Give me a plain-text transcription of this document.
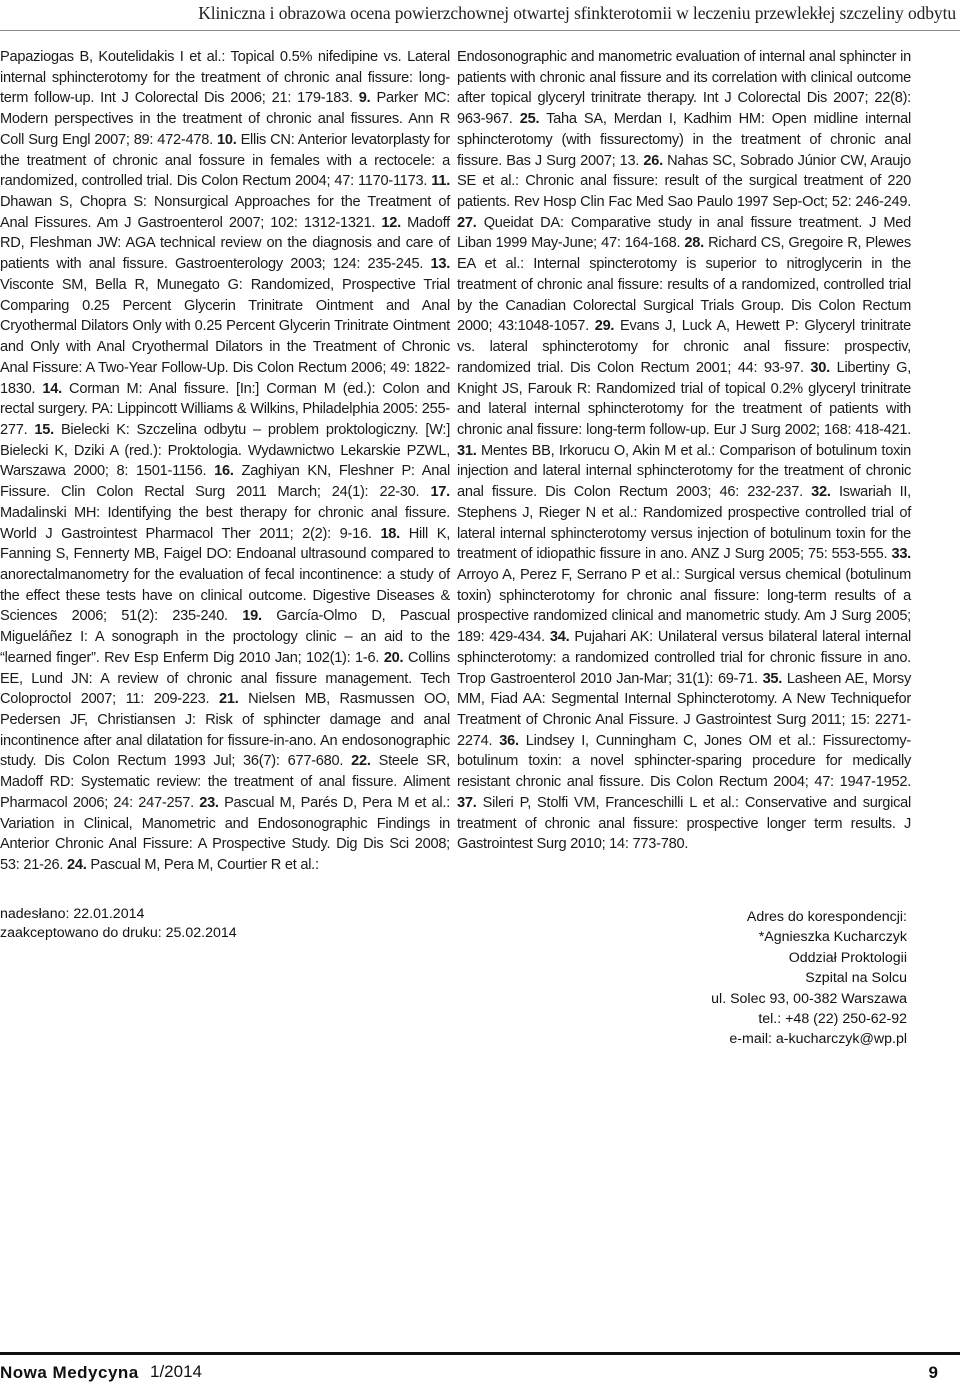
Kliniczna i obrazowa ocena powierzchownej otwartej sfinkterotomii w leczeniu przewlekłej szczeliny odbytu

Papaziogas B, Koutelidakis I et al.: Topical 0.5% nifedipine vs. Lateral internal sphincterotomy for the treatment of chronic anal fissure: long-term follow-up. Int J Colorectal Dis 2006; 21: 179-183. 9. Parker MC: Modern perspectives in the treatment of chronic anal fissures. Ann R Coll Surg Engl 2007; 89: 472-478. 10. Ellis CN: Anterior levatorplasty for the treatment of chronic anal fossure in females with a rectocele: a randomized, controlled trial. Dis Colon Rectum 2004; 47: 1170-1173. 11. Dhawan S, Chopra S: Nonsurgical Approaches for the Treatment of Anal Fissures. Am J Gastroenterol 2007; 102: 1312-1321. 12. Madoff RD, Fleshman JW: AGA technical review on the diagnosis and care of patients with anal fissure. Gastroenterology 2003; 124: 235-245. 13. Visconte SM, Bella R, Munegato G: Randomized, Prospective Trial Comparing 0.25 Percent Glycerin Trinitrate Ointment and Anal Cryothermal Dilators Only with 0.25 Percent Glycerin Trinitrate Ointment and Only with Anal Cryothermal Dilators in the Treatment of Chronic Anal Fissure: A Two-Year Follow-Up. Dis Colon Rectum 2006; 49: 1822-1830. 14. Corman M: Anal fissure. [In:] Corman M (ed.): Colon and rectal surgery. PA: Lippincott Williams & Wilkins, Philadelphia 2005: 255-277. 15. Bielecki K: Szczelina odbytu – problem proktologiczny. [W:] Bielecki K, Dziki A (red.): Proktologia. Wydawnictwo Lekarskie PZWL, Warszawa 2000; 8: 1501-1156. 16. Zaghiyan KN, Fleshner P: Anal Fissure. Clin Colon Rectal Surg 2011 March; 24(1): 22-30. 17. Madalinski MH: Identifying the best therapy for chronic anal fissure. World J Gastrointest Pharmacol Ther 2011; 2(2): 9-16. 18. Hill K, Fanning S, Fennerty MB, Faigel DO: Endoanal ultrasound compared to anorectalmanometry for the evaluation of fecal incontinence: a study of the effect these tests have on clinical outcome. Digestive Diseases & Sciences 2006; 51(2): 235-240. 19. García-Olmo D, Pascual Migueláñez I: A sonograph in the proctology clinic – an aid to the “learned finger”. Rev Esp Enferm Dig 2010 Jan; 102(1): 1-6. 20. Collins EE, Lund JN: A review of chronic anal fissure management. Tech Coloproctol 2007; 11: 209-223. 21. Nielsen MB, Rasmussen OO, Pedersen JF, Christiansen J: Risk of sphincter damage and anal incontinence after anal dilatation for fissure-in-ano. An endosonographic study. Dis Colon Rectum 1993 Jul; 36(7): 677-680. 22. Steele SR, Madoff RD: Systematic review: the treatment of anal fissure. Aliment Pharmacol 2006; 24: 247-257. 23. Pascual M, Parés D, Pera M et al.: Variation in Clinical, Manometric and Endosonographic Findings in Anterior Chronic Anal Fissure: A Prospective Study. Dig Dis Sci 2008; 53: 21-26. 24. Pascual M, Pera M, Courtier R et al.:

Endosonographic and manometric evaluation of internal anal sphincter in patients with chronic anal fissure and its correlation with clinical outcome after topical glyceryl trinitrate therapy. Int J Colorectal Dis 2007; 22(8): 963-967. 25. Taha SA, Merdan I, Kadhim HM: Open midline internal sphincterotomy (with fissurectomy) in the treatment of chronic anal fissure. Bas J Surg 2007; 13. 26. Nahas SC, Sobrado Júnior CW, Araujo SE et al.: Chronic anal fissure: result of the surgical treatment of 220 patients. Rev Hosp Clin Fac Med Sao Paulo 1997 Sep-Oct; 52: 246-249. 27. Queidat DA: Comparative study in anal fissure treatment. J Med Liban 1999 May-June; 47: 164-168. 28. Richard CS, Gregoire R, Plewes EA et al.: Internal spincterotomy is superior to nitroglycerin in the treatment of chronic anal fissure: results of a randomized, controlled trial by the Canadian Colorectal Surgical Trials Group. Dis Colon Rectum 2000; 43:1048-1057. 29. Evans J, Luck A, Hewett P: Glyceryl trinitrate vs. lateral sphincterotomy for chronic anal fissure: prospectiv, randomized trial. Dis Colon Rectum 2001; 44: 93-97. 30. Libertiny G, Knight JS, Farouk R: Randomized trial of topical 0.2% glyceryl trinitrate and lateral internal sphincterotomy for the treatment of patients with chronic anal fissure: long-term follow-up. Eur J Surg 2002; 168: 418-421. 31. Mentes BB, Irkorucu O, Akin M et al.: Comparison of botulinum toxin injection and lateral internal sphincterotomy for the treatment of chronic anal fissure. Dis Colon Rectum 2003; 46: 232-237. 32. Iswariah II, Stephens J, Rieger N et al.: Randomized prospective controlled trial of lateral internal sphincterotomy versus injection of botulinum toxin for the treatment of idiopathic fissure in ano. ANZ J Surg 2005; 75: 553-555. 33. Arroyo A, Perez F, Serrano P et al.: Surgical versus chemical (botulinum toxin) sphincterotomy for chronic anal fissure: long-term results of a prospective randomized clinical and manometric study. Am J Surg 2005; 189: 429-434. 34. Pujahari AK: Unilateral versus bilateral lateral internal sphincterotomy: a randomized controlled trial for chronic fissure in ano. Trop Gastroenterol 2010 Jan-Mar; 31(1): 69-71. 35. Lasheen AE, Morsy MM, Fiad AA: Segmental Internal Sphincterotomy. A New Techniquefor Treatment of Chronic Anal Fissure. J Gastrointest Surg 2011; 15: 2271-2274. 36. Lindsey I, Cunningham C, Jones OM et al.: Fissurectomy-botulinum toxin: a novel sphincter-sparing procedure for medically resistant chronic anal fissure. Dis Colon Rectum 2004; 47: 1947-1952. 37. Sileri P, Stolfi VM, Franceschilli L et al.: Conservative and surgical treatment of chronic anal fissure: prospective longer term results. J Gastrointest Surg 2010; 14: 773-780.

nadesłano: 22.01.2014
zaakceptowano do druku: 25.02.2014
Adres do korespondencji:
*Agnieszka Kucharczyk
Oddział Proktologii
Szpital na Solcu
ul. Solec 93, 00-382 Warszawa
tel.: +48 (22) 250-62-92
e-mail: a-kucharczyk@wp.pl
Nowa Medycyna 1/2014	9
